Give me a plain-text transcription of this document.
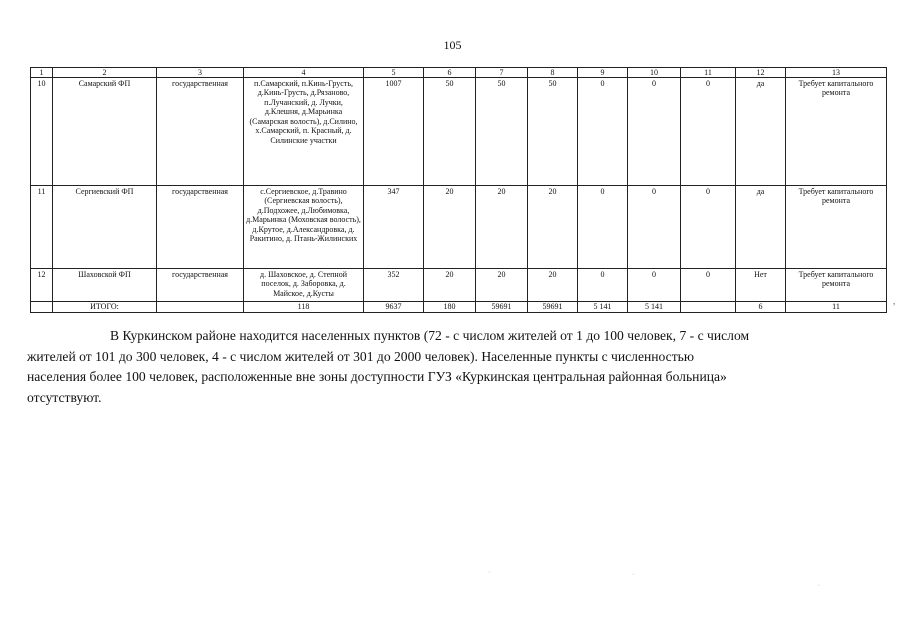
105
1	2	3	4	5	6	7	8	9	10	11	12	13
10	Самарский ФП	государственная	п.Самарский, п.Кинь-Грусть, д.Кинь-Грусть, д.Рязаново, п.Лучанский, д. Лучки, д.Клешня, д.Марьинка (Самарская волость), д.Силино, х.Самарский, п. Красный, д. Силинские участки	1007	50	50	50	0	0	0	да	Требует капитального ремонта
11	Сергиевский ФП	государственная	с.Сергиевское, д.Травино (Сергиевская волость), д.Подхожее, д.Любимовка, д.Марьинка (Моховская волость), д.Крутое, д.Александровка, д. Ракитино, д. Птань-Жилинских	347	20	20	20	0	0	0	да	Требует капитального ремонта
12	Шаховской ФП	государственная	д. Шаховское, д. Степной поселок, д. Заборовка, д. Майское, д.Кусты	352	20	20	20	0	0	0	Нет	Требует капитального ремонта
	ИТОГО:		118	9637	180	59691	59691	5 141	5 141		6	11
В Куркинском районе находится населенных пунктов (72 - с числом жителей от 1 до 100 человек, 7 - с числом
жителей от 101 до 300 человек, 4 - с числом жителей от 301 до 2000 человек). Населенные пункты с численностью
населения более 100 человек, расположенные вне зоны доступности ГУЗ «Куркинская центральная районная больница»
отсутствуют.
,
·	·
·
